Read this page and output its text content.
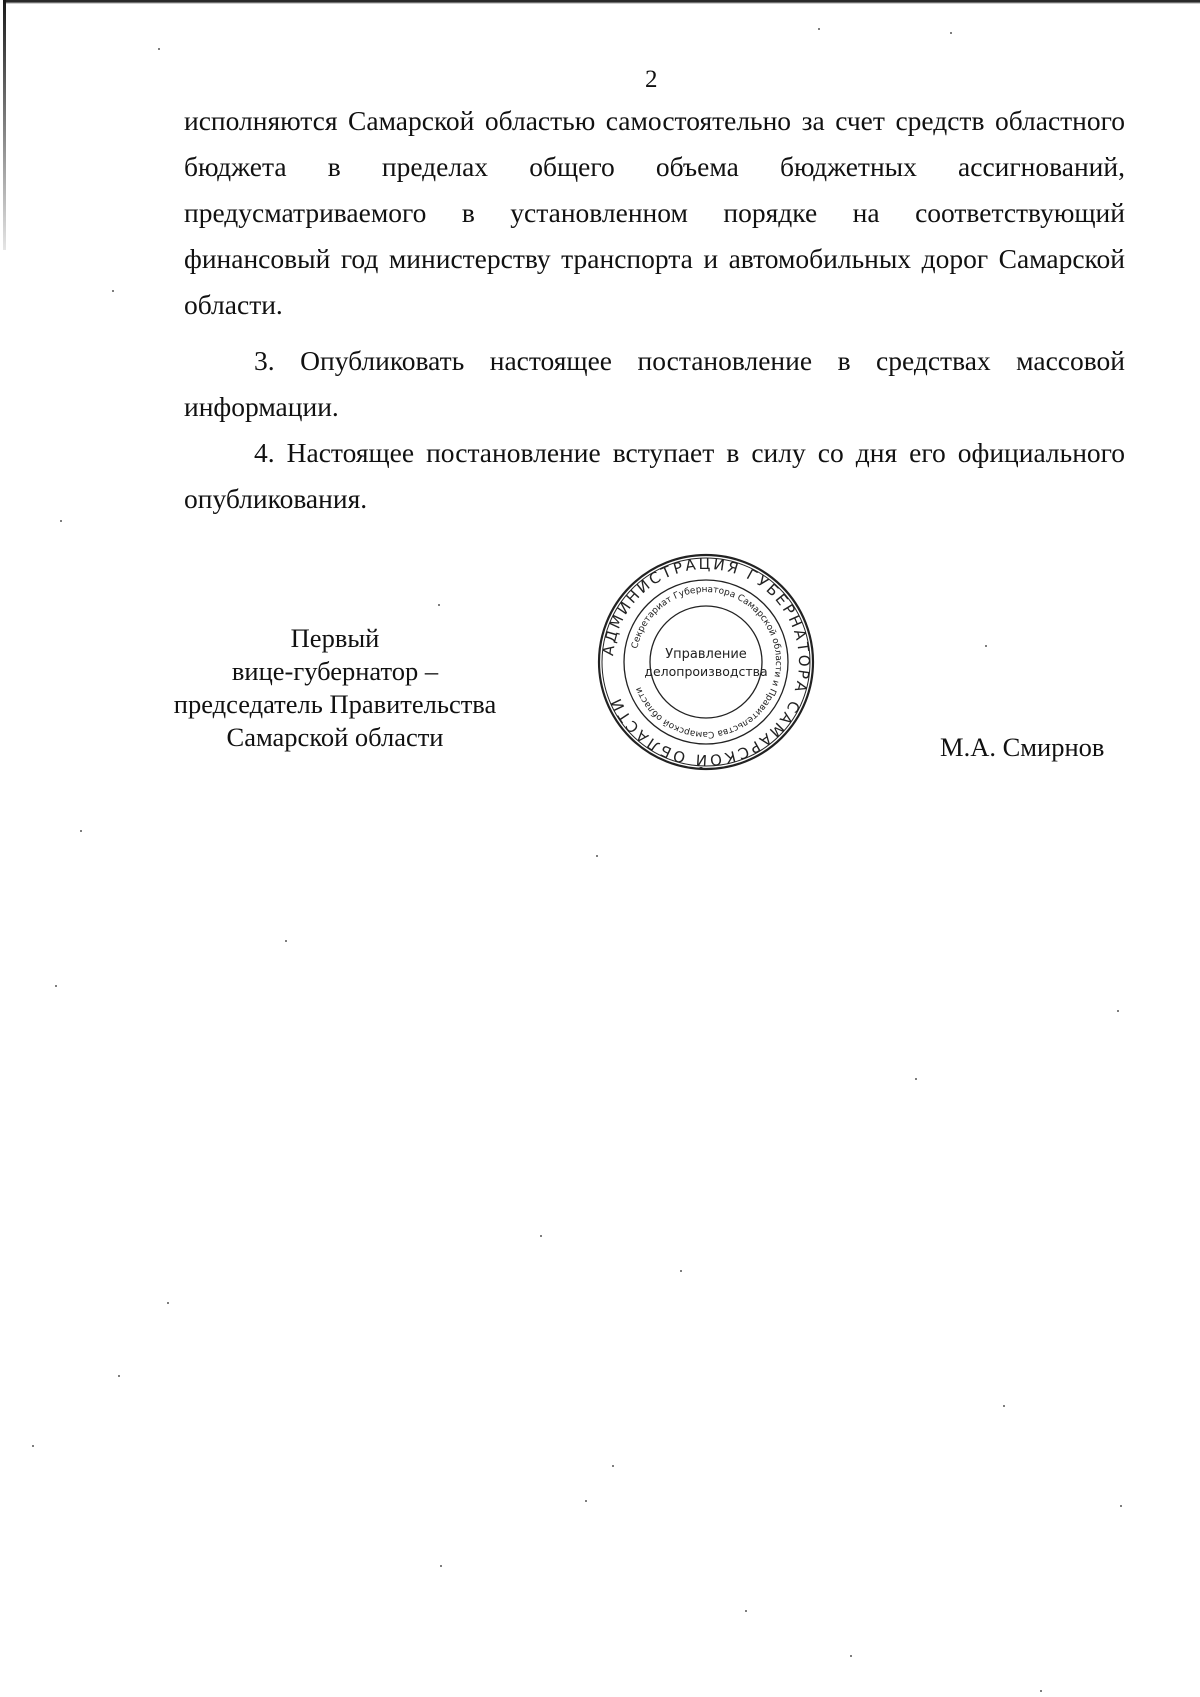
2

исполняются Самарской областью самостоятельно за счет средств областного бюджета в пределах общего объема бюджетных ассигнований, предусматриваемого в установленном порядке на соответствующий финансовый год министерству транспорта и автомобильных дорог Самарской области.

3. Опубликовать настоящее постановление в средствах массовой информации.

4. Настоящее постановление вступает в силу со дня его официального опубликования.

Первый
вице-губернатор –
председатель Правительства
Самарской области
АДМИНИСТРАЦИЯ ГУБЕРНАТОРА САМАРСКОЙ ОБЛАСТИ
Секретариат Губернатора Самарской области и Правительства Самарской области
Управление
делопроизводства
М.А. Смирнов
